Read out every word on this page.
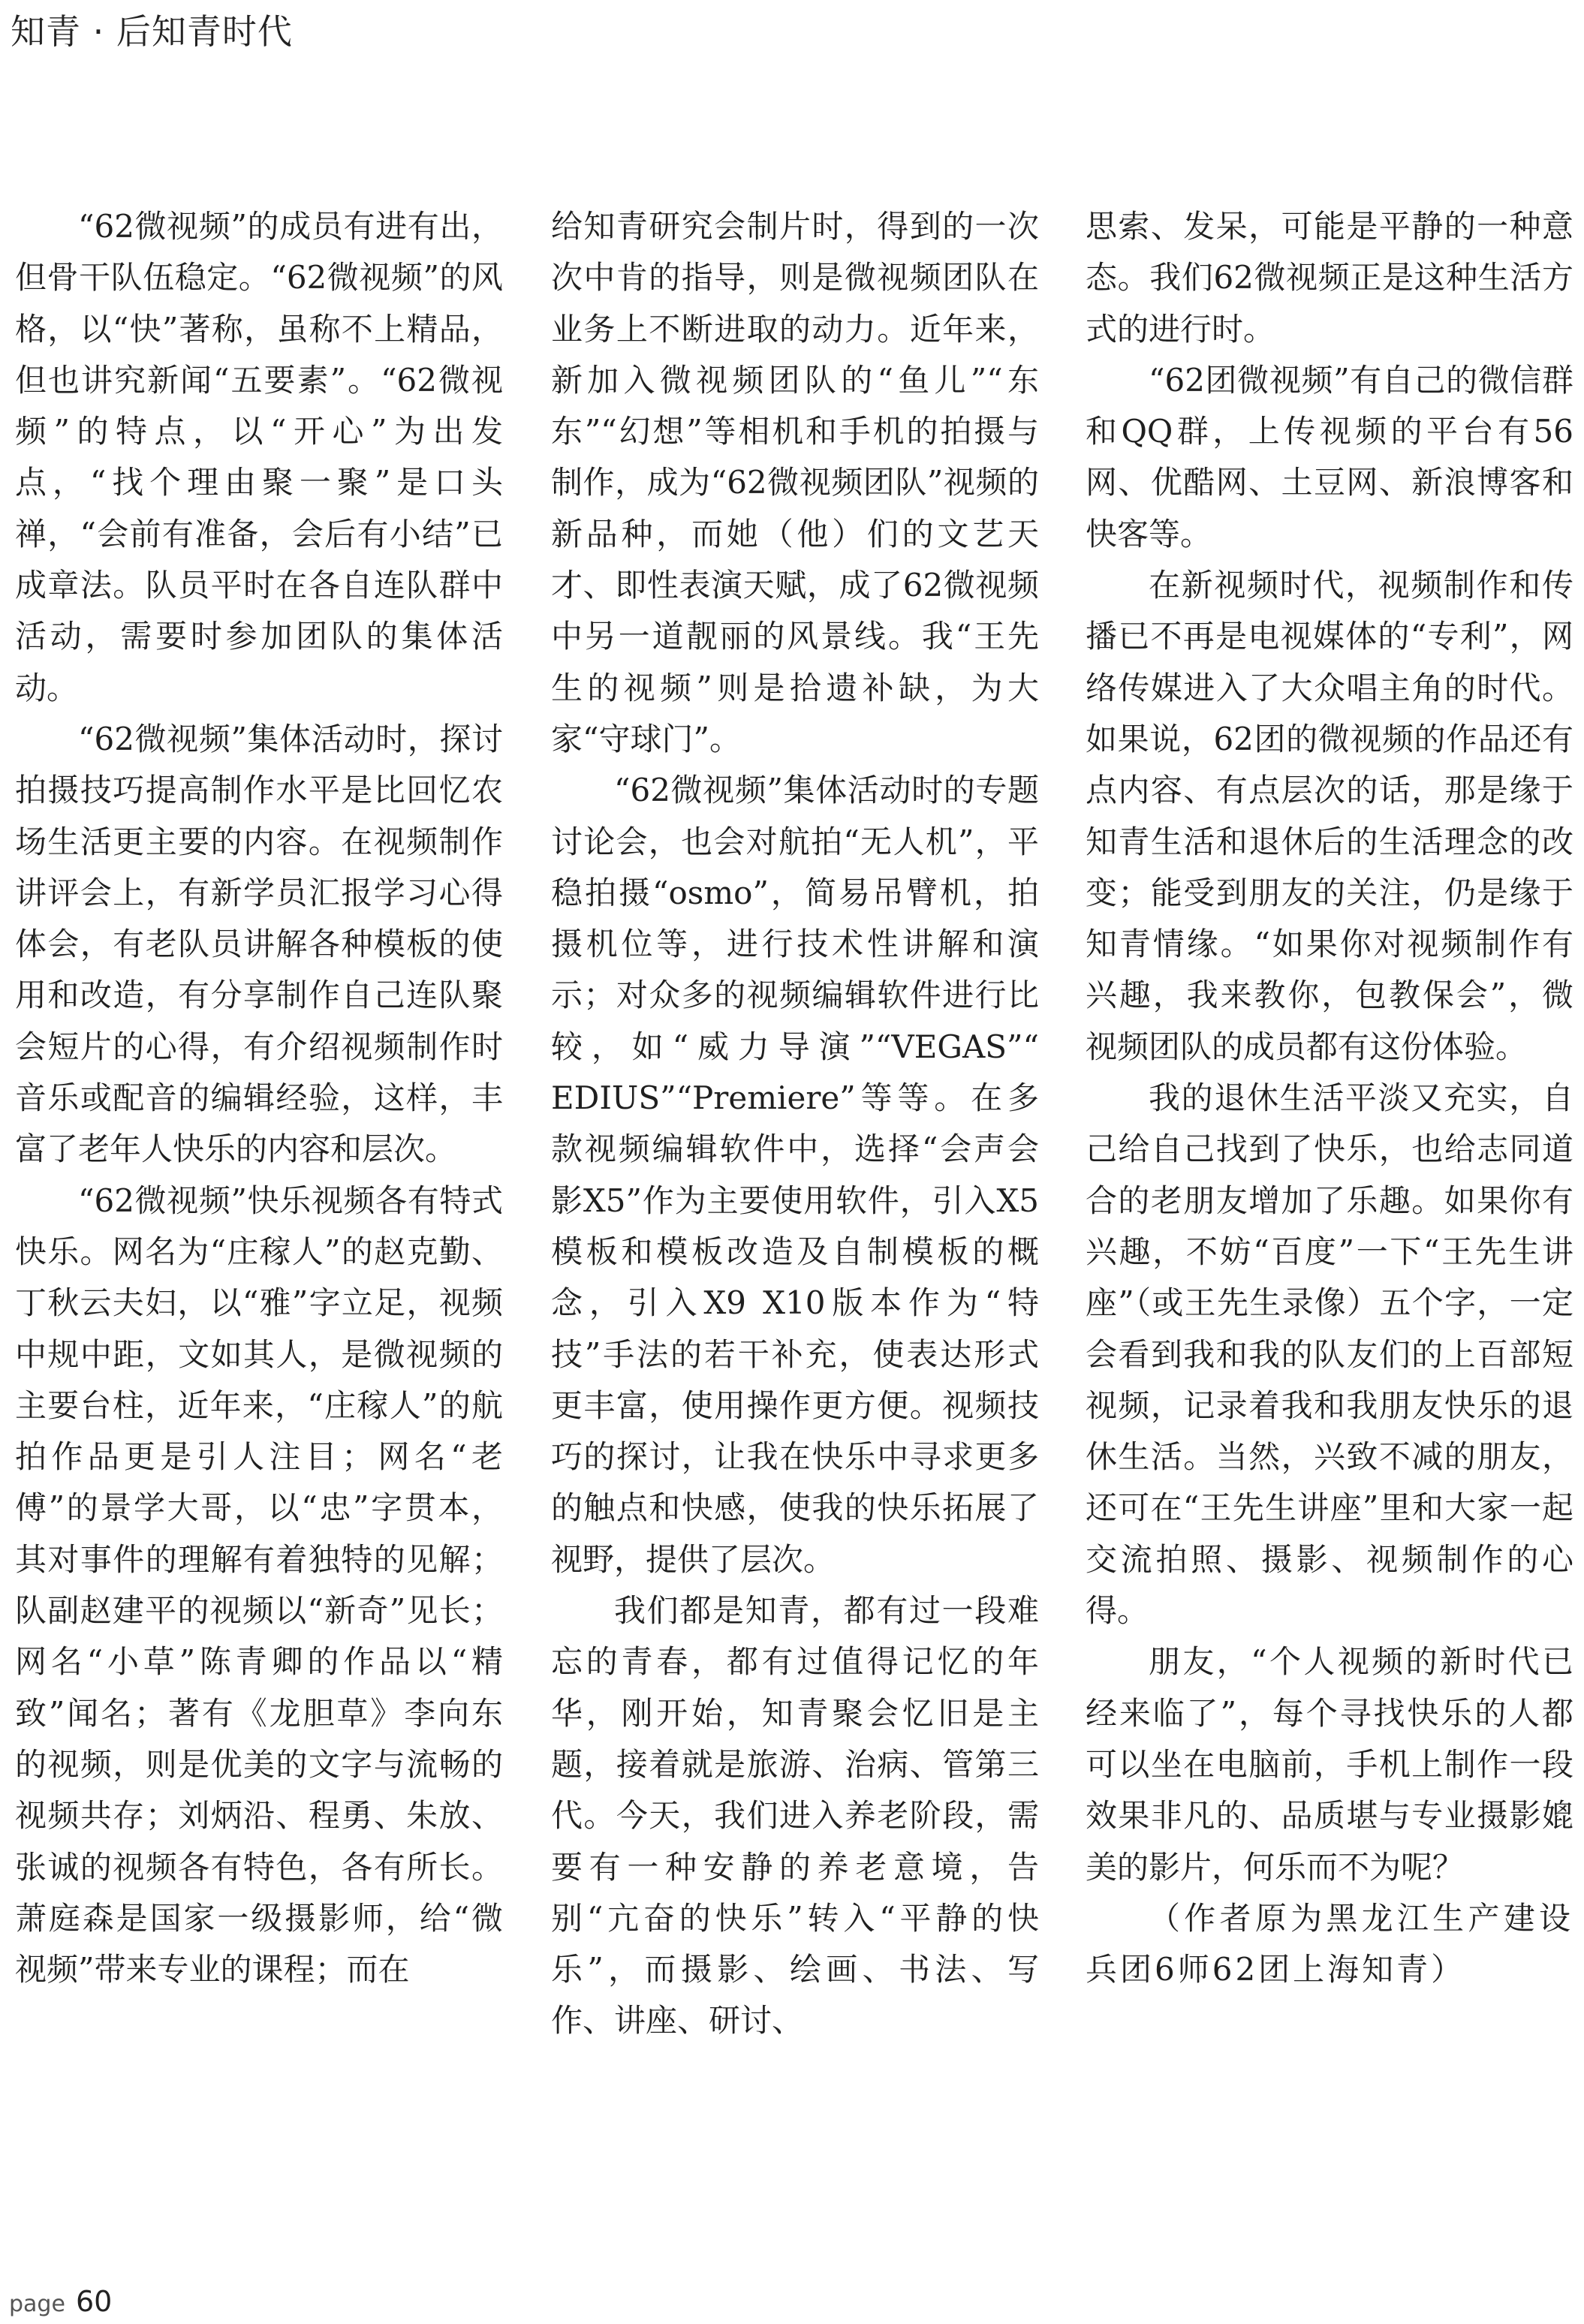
知青 · 后知青时代

“62微视频”的成员有进有出，但骨干队伍稳定。“62微视频”的风格，以“快”著称，虽称不上精品，但也讲究新闻“五要素”。“62微视频”的特点，以“开心”为出发点，“找个理由聚一聚”是口头禅，“会前有准备，会后有小结”已成章法。队员平时在各自连队群中活动，需要时参加团队的集体活动。

“62微视频”集体活动时，探讨拍摄技巧提高制作水平是比回忆农场生活更主要的内容。在视频制作讲评会上，有新学员汇报学习心得体会，有老队员讲解各种模板的使用和改造，有分享制作自己连队聚会短片的心得，有介绍视频制作时音乐或配音的编辑经验，这样，丰富了老年人快乐的内容和层次。

“62微视频”快乐视频各有特式快乐。网名为“庄稼人”的赵克勤、丁秋云夫妇，以“雅”字立足，视频中规中距，文如其人，是微视频的主要台柱，近年来，“庄稼人”的航拍作品更是引人注目；网名“老傅”的景学大哥，以“忠”字贯本，其对事件的理解有着独特的见解；队副赵建平的视频以“新奇”见长；网名“小草”陈青卿的作品以“精致”闻名；著有《龙胆草》李向东的视频，则是优美的文字与流畅的视频共存；刘炳沿、程勇、朱放、张诚的视频各有特色，各有所长。萧庭森是国家一级摄影师，给“微视频”带来专业的课程；而在

给知青研究会制片时，得到的一次次中肯的指导，则是微视频团队在业务上不断进取的动力。近年来，新加入微视频团队的“鱼儿”“东东”“幻想”等相机和手机的拍摄与制作，成为“62微视频团队”视频的新品种，而她（他）们的文艺天才、即性表演天赋，成了62微视频中另一道靓丽的风景线。我“王先生的视频”则是拾遗补缺，为大家“守球门”。

“62微视频”集体活动时的专题讨论会，也会对航拍“无人机”，平稳拍摄“osmo”，简易吊臂机，拍摄机位等，进行技术性讲解和演示；对众多的视频编辑软件进行比较，如“威力导演”“VEGAS”“ EDIUS”“Premiere”等等。在多款视频编辑软件中，选择“会声会影X5”作为主要使用软件，引入X5模板和模板改造及自制模板的概念，引入X9 X10版本作为“特技”手法的若干补充，使表达形式更丰富，使用操作更方便。视频技巧的探讨，让我在快乐中寻求更多的触点和快感，使我的快乐拓展了视野，提供了层次。

我们都是知青，都有过一段难忘的青春，都有过值得记忆的年华，刚开始，知青聚会忆旧是主题，接着就是旅游、治病、管第三代。今天，我们进入养老阶段，需要有一种安静的养老意境，告别“亢奋的快乐”转入“平静的快乐”，而摄影、绘画、书法、写作、讲座、研讨、

思索、发呆，可能是平静的一种意态。我们62微视频正是这种生活方式的进行时。

“62团微视频”有自己的微信群和QQ群，上传视频的平台有56网、优酷网、土豆网、新浪博客和快客等。

在新视频时代，视频制作和传播已不再是电视媒体的“专利”，网络传媒进入了大众唱主角的时代。如果说，62团的微视频的作品还有点内容、有点层次的话，那是缘于知青生活和退休后的生活理念的改变；能受到朋友的关注，仍是缘于知青情缘。“如果你对视频制作有兴趣，我来教你，包教保会”，微视频团队的成员都有这份体验。

我的退休生活平淡又充实，自己给自己找到了快乐，也给志同道合的老朋友增加了乐趣。如果你有兴趣，不妨“百度”一下“王先生讲座”（或王先生录像）五个字，一定会看到我和我的队友们的上百部短视频，记录着我和我朋友快乐的退休生活。当然，兴致不减的朋友，还可在“王先生讲座”里和大家一起交流拍照、摄影、视频制作的心得。

朋友，“个人视频的新时代已经来临了”，每个寻找快乐的人都可以坐在电脑前，手机上制作一段效果非凡的、品质堪与专业摄影媲美的影片，何乐而不为呢？

（作者原为黑龙江生产建设兵团6师62团上海知青）

page 60
